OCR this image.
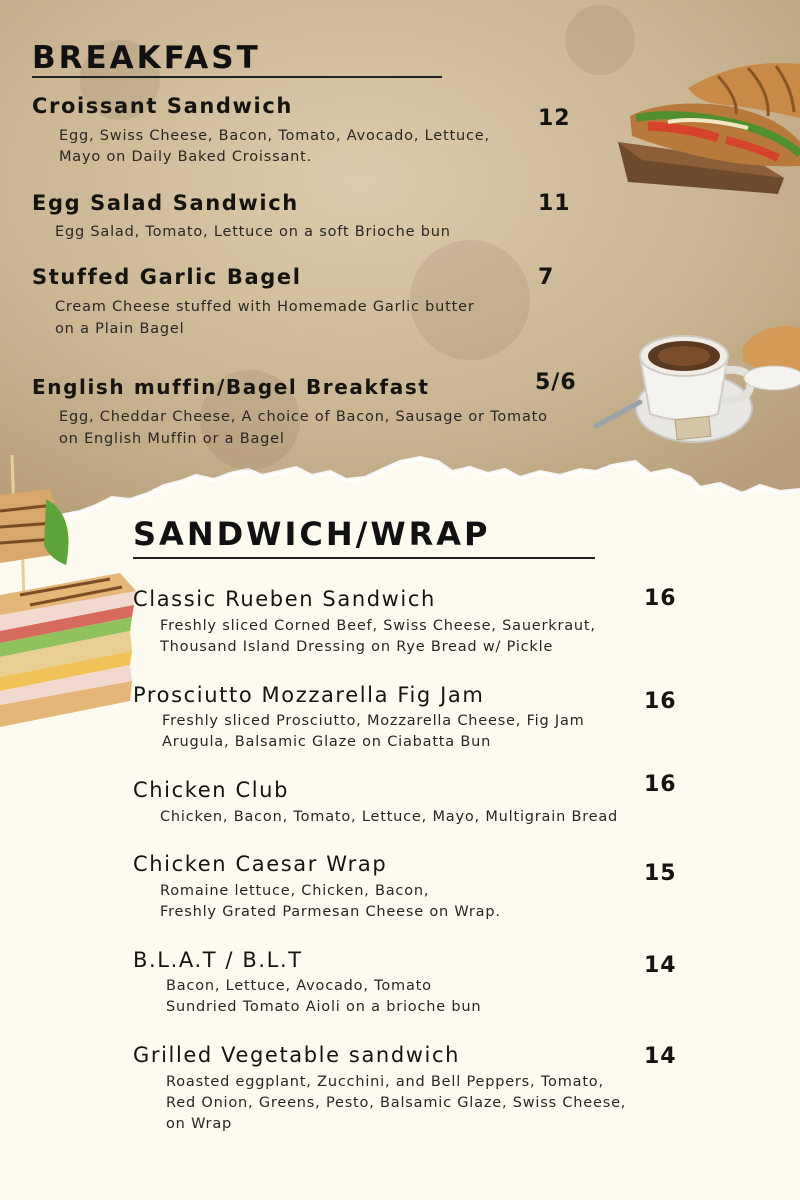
BREAKFAST
Croissant Sandwich	12

Egg, Swiss Cheese, Bacon, Tomato, Avocado, Lettuce,

Mayo on Daily Baked Croissant.

Egg Salad Sandwich	11

Egg Salad, Tomato, Lettuce on a soft Brioche bun

Stuffed Garlic Bagel	7

Cream Cheese stuffed with Homemade Garlic butter

on a Plain Bagel

English muffin/Bagel Breakfast	5/6

Egg, Cheddar Cheese, A choice of Bacon, Sausage or Tomato

on English Muffin or a Bagel

SANDWICH/WRAP
Classic Rueben Sandwich	16

Freshly sliced Corned Beef, Swiss Cheese, Sauerkraut,

Thousand Island Dressing on Rye Bread w/ Pickle

Prosciutto Mozzarella Fig Jam	16

Freshly sliced Prosciutto, Mozzarella Cheese, Fig Jam

Arugula, Balsamic Glaze on Ciabatta Bun

Chicken Club	16

Chicken, Bacon, Tomato, Lettuce, Mayo, Multigrain Bread

Chicken Caesar Wrap	15

Romaine lettuce, Chicken, Bacon,

Freshly Grated Parmesan Cheese on Wrap.

B.L.A.T / B.L.T	14

Bacon, Lettuce, Avocado, Tomato

Sundried Tomato Aioli on a brioche bun

Grilled Vegetable sandwich	14

Roasted eggplant, Zucchini, and Bell Peppers, Tomato,

Red Onion, Greens, Pesto, Balsamic Glaze, Swiss Cheese,

on Wrap
